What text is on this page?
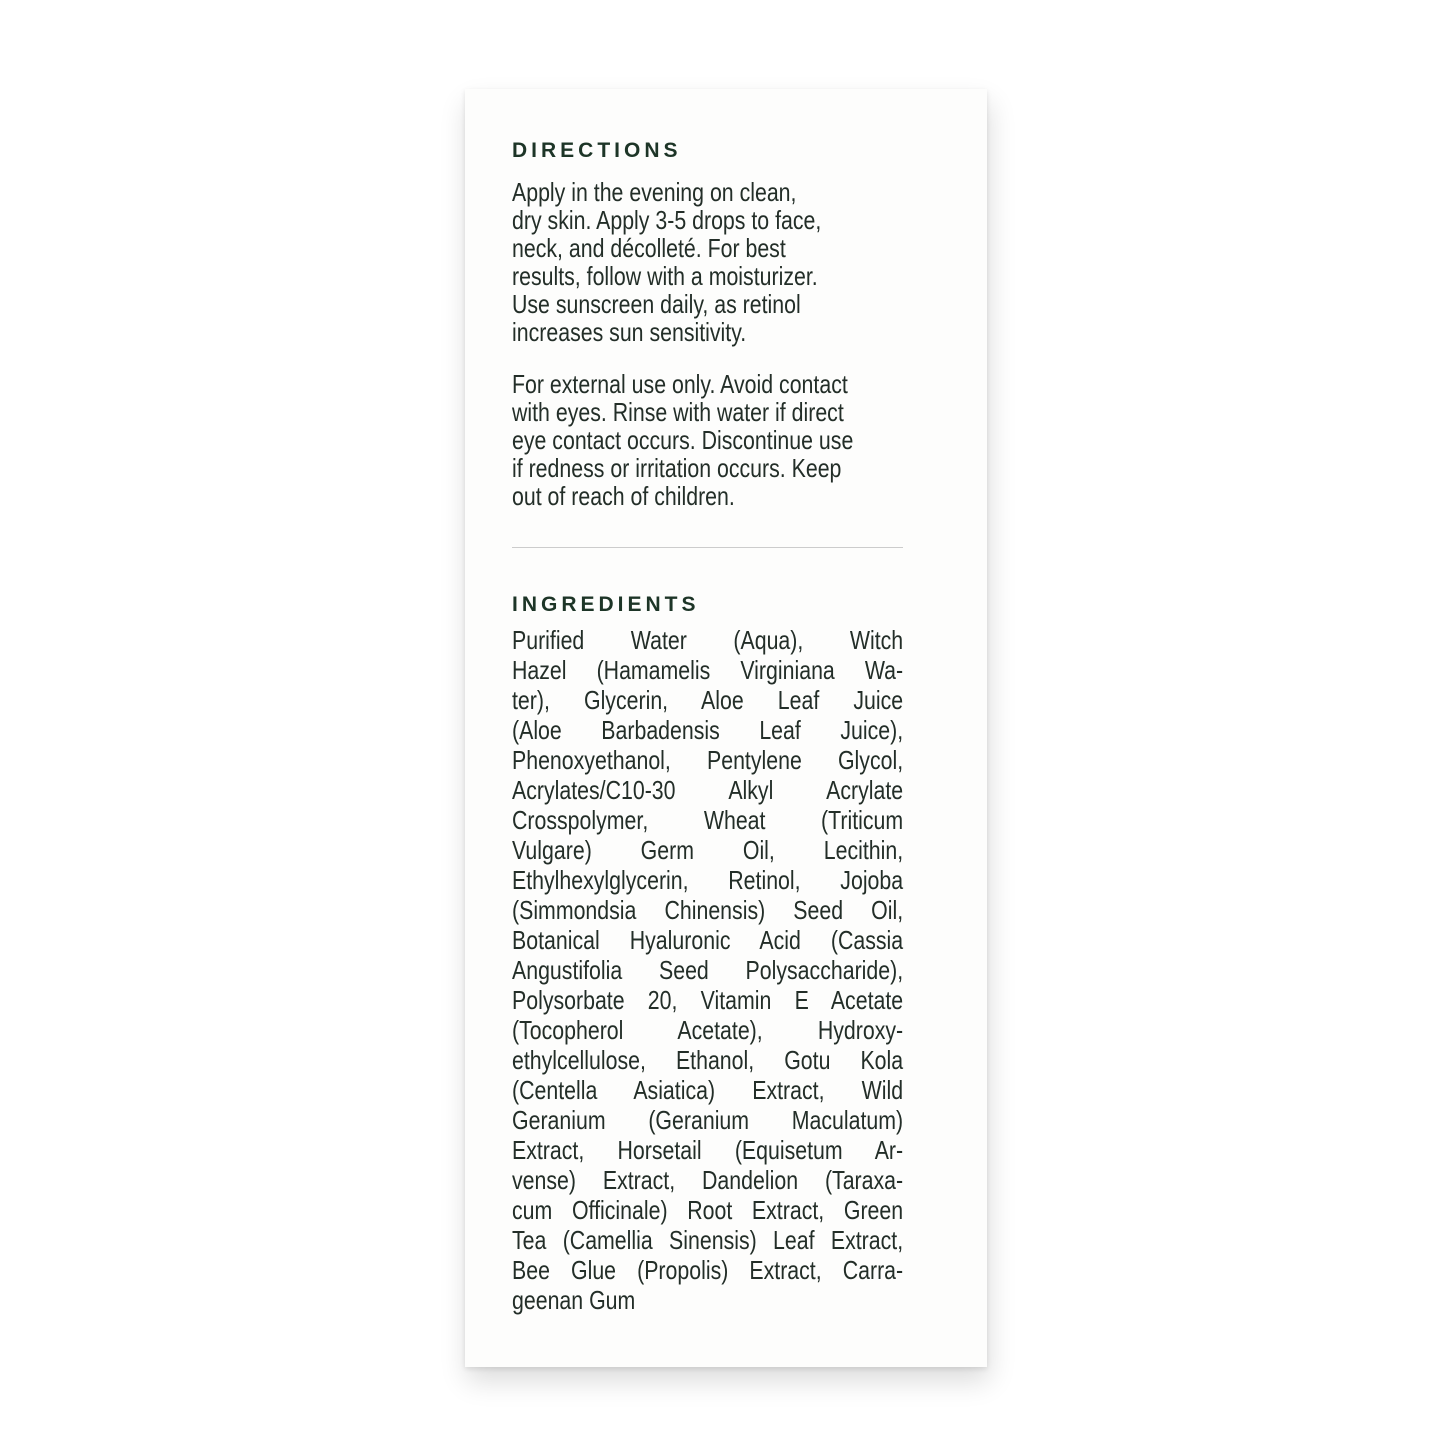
DIRECTIONS
Apply in the evening on clean,
dry skin. Apply 3-5 drops to face,
neck, and décolleté. For best
results, follow with a moisturizer.
Use sunscreen daily, as retinol
increases sun sensitivity.
For external use only. Avoid contact
with eyes. Rinse with water if direct
eye contact occurs. Discontinue use
if redness or irritation occurs. Keep
out of reach of children.
INGREDIENTS
Purified Water (Aqua), Witch
Hazel (Hamamelis Virginiana Wa-
ter), Glycerin, Aloe Leaf Juice
(Aloe Barbadensis Leaf Juice),
Phenoxyethanol, Pentylene Glycol,
Acrylates/C10-30 Alkyl Acrylate
Crosspolymer, Wheat (Triticum
Vulgare) Germ Oil, Lecithin,
Ethylhexylglycerin, Retinol, Jojoba
(Simmondsia Chinensis) Seed Oil,
Botanical Hyaluronic Acid (Cassia
Angustifolia Seed Polysaccharide),
Polysorbate 20, Vitamin E Acetate
(Tocopherol Acetate), Hydroxy-
ethylcellulose, Ethanol, Gotu Kola
(Centella Asiatica) Extract, Wild
Geranium (Geranium Maculatum)
Extract, Horsetail (Equisetum Ar-
vense) Extract, Dandelion (Taraxa-
cum Officinale) Root Extract, Green
Tea (Camellia Sinensis) Leaf Extract,
Bee Glue (Propolis) Extract, Carra-
geenan Gum
